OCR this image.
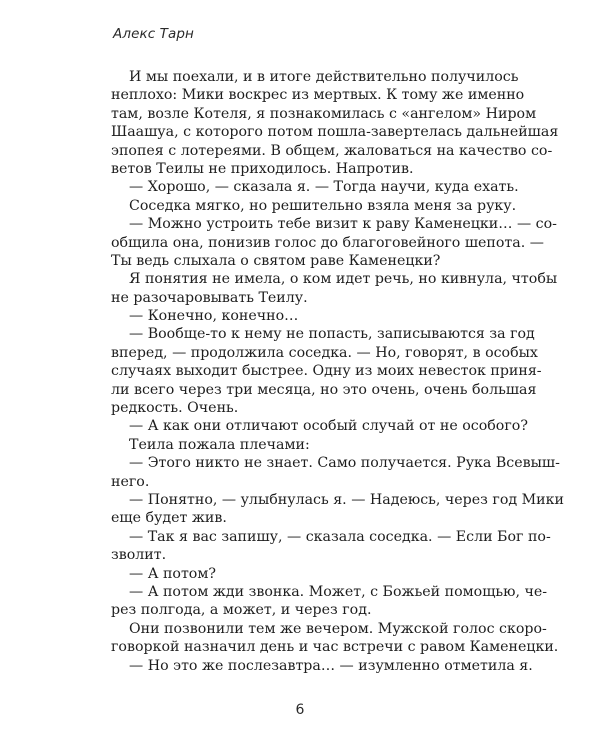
Алекс Тарн
И мы поехали, и в итоге действительно получилось
неплохо: Мики воскрес из мертвых. К тому же именно
там, возле Котеля, я познакомилась с «ангелом» Ниром
Шаашуа, с которого потом пошла-завертелась дальнейшая
эпопея с лотереями. В общем, жаловаться на качество со-
ветов Теилы не приходилось. Напротив.
— Хорошо, — сказала я. — Тогда научи, куда ехать.
Соседка мягко, но решительно взяла меня за руку.
— Можно устроить тебе визит к раву Каменецки… — со-
общила она, понизив голос до благоговейного шепота. —
Ты ведь слыхала о святом раве Каменецки?
Я понятия не имела, о ком идет речь, но кивнула, чтобы
не разочаровывать Теилу.
— Конечно, конечно…
— Вообще-то к нему не попасть, записываются за год
вперед, — продолжила соседка. — Но, говорят, в особых
случаях выходит быстрее. Одну из моих невесток приня-
ли всего через три месяца, но это очень, очень большая
редкость. Очень.
— А как они отличают особый случай от не особого?
Теила пожала плечами:
— Этого никто не знает. Само получается. Рука Всевыш-
него.
— Понятно, — улыбнулась я. — Надеюсь, через год Мики
еще будет жив.
— Так я вас запишу, — сказала соседка. — Если Бог по-
зволит.
— А потом?
— А потом жди звонка. Может, с Божьей помощью, че-
рез полгода, а может, и через год.
Они позвонили тем же вечером. Мужской голос скоро-
говоркой назначил день и час встречи с равом Каменецки.
— Но это же послезавтра… — изумленно отметила я.
6
